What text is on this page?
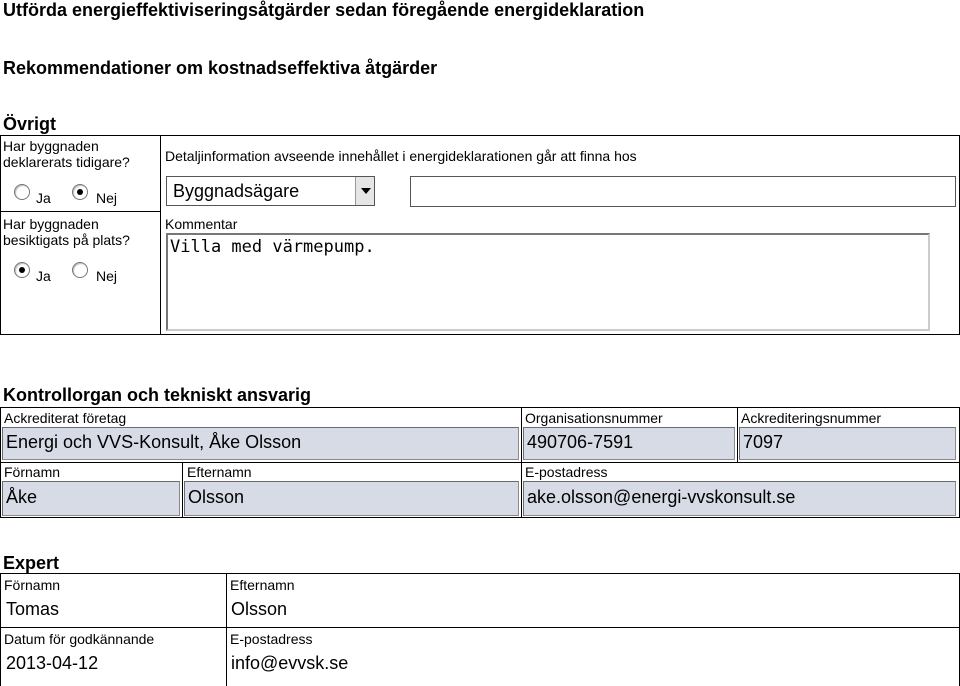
Utförda energieffektiviseringsåtgärder sedan föregående energideklaration
Rekommendationer om kostnadseffektiva åtgärder
Övrigt
Har byggnaden deklarerats tidigare?
Ja	Nej
Har byggnaden besiktigats på plats?
Ja	Nej
Detaljinformation avseende innehållet i energideklarationen går att finna hos
Byggnadsägare
Kommentar
Villa med värmepump.
Kontrollorgan och tekniskt ansvarig
Ackrediterat företag
Energi och VVS-Konsult, Åke Olsson
Organisationsnummer
490706-7591
Ackrediteringsnummer
7097
Förnamn
Åke
Efternamn
Olsson
E-postadress
ake.olsson@energi-vvskonsult.se
Expert
Förnamn
Tomas
Efternamn
Olsson
Datum för godkännande
2013-04-12
E-postadress
info@evvsk.se
